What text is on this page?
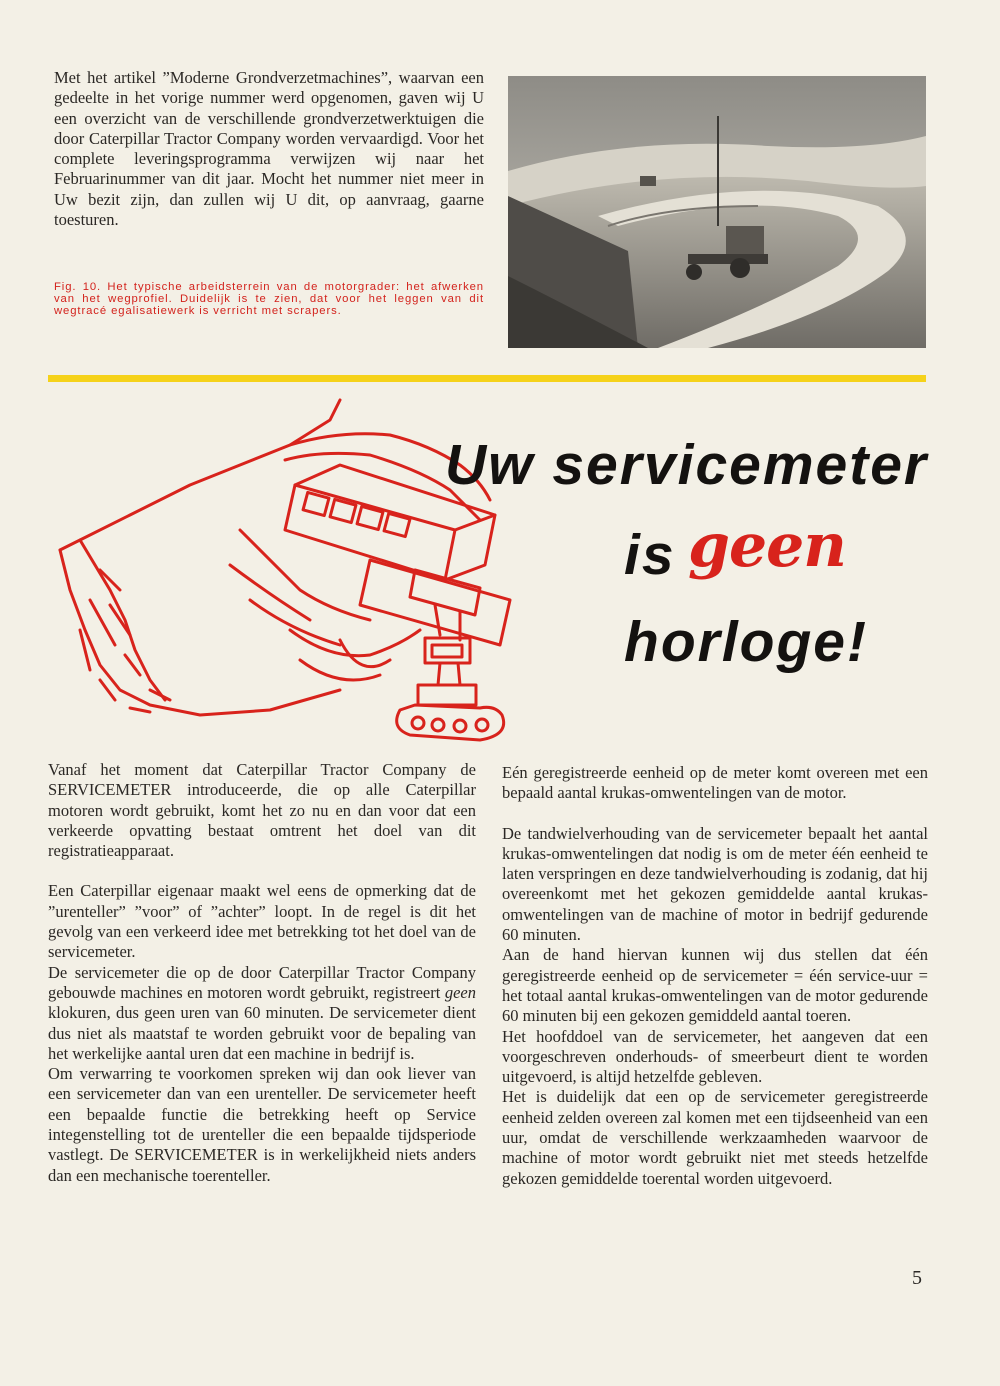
Met het artikel ”Moderne Grondverzetmachines”, waarvan een gedeelte in het vorige nummer werd opgenomen, gaven wij U een overzicht van de verschillende grondverzetwerktuigen die door Caterpillar Tractor Company worden vervaardigd. Voor het complete leveringsprogramma verwijzen wij naar het Februarinummer van dit jaar. Mocht het nummer niet meer in Uw bezit zijn, dan zullen wij U dit, op aanvraag, gaarne toesturen.

Fig. 10. Het typische arbeidsterrein van de motorgrader: het afwerken van het wegprofiel. Duidelijk is te zien, dat voor het leggen van dit wegtracé egalisatiewerk is verricht met scrapers.
Uw servicemeter
is geen
horloge!

Vanaf het moment dat Caterpillar Tractor Company de SERVICEMETER introduceerde, die op alle Caterpillar motoren wordt gebruikt, komt het zo nu en dan voor dat een verkeerde opvatting bestaat omtrent het doel van dit registratieapparaat.

Een Caterpillar eigenaar maakt wel eens de opmerking dat de ”urenteller” ”voor” of ”achter” loopt. In de regel is dit het gevolg van een verkeerd idee met betrekking tot het doel van de servicemeter.

De servicemeter die op de door Caterpillar Tractor Company gebouwde machines en motoren wordt gebruikt, registreert geen klokuren, dus geen uren van 60 minuten. De servicemeter dient dus niet als maatstaf te worden gebruikt voor de bepaling van het werkelijke aantal uren dat een machine in bedrijf is.

Om verwarring te voorkomen spreken wij dan ook liever van een servicemeter dan van een urenteller. De servicemeter heeft een bepaalde functie die betrekking heeft op Service integenstelling tot de urenteller die een bepaalde tijdsperiode vastlegt. De SERVICEMETER is in werkelijkheid niets anders dan een mechanische toerenteller.

Eén geregistreerde eenheid op de meter komt overeen met een bepaald aantal krukas-omwentelingen van de motor.

De tandwielverhouding van de servicemeter bepaalt het aantal krukas-omwentelingen dat nodig is om de meter één eenheid te laten verspringen en deze tandwielverhouding is zodanig, dat hij overeenkomt met het gekozen gemiddelde aantal krukas-omwentelingen van de machine of motor in bedrijf gedurende 60 minuten.

Aan de hand hiervan kunnen wij dus stellen dat één geregistreerde eenheid op de servicemeter = één service-uur = het totaal aantal krukas-omwentelingen van de motor gedurende 60 minuten bij een gekozen gemiddeld aantal toeren.

Het hoofddoel van de servicemeter, het aangeven dat een voorgeschreven onderhouds- of smeerbeurt dient te worden uitgevoerd, is altijd hetzelfde gebleven.

Het is duidelijk dat een op de servicemeter geregistreerde eenheid zelden overeen zal komen met een tijdseenheid van een uur, omdat de verschillende werkzaamheden waarvoor de machine of motor wordt gebruikt niet met steeds hetzelfde gekozen gemiddelde toerental worden uitgevoerd.

5
